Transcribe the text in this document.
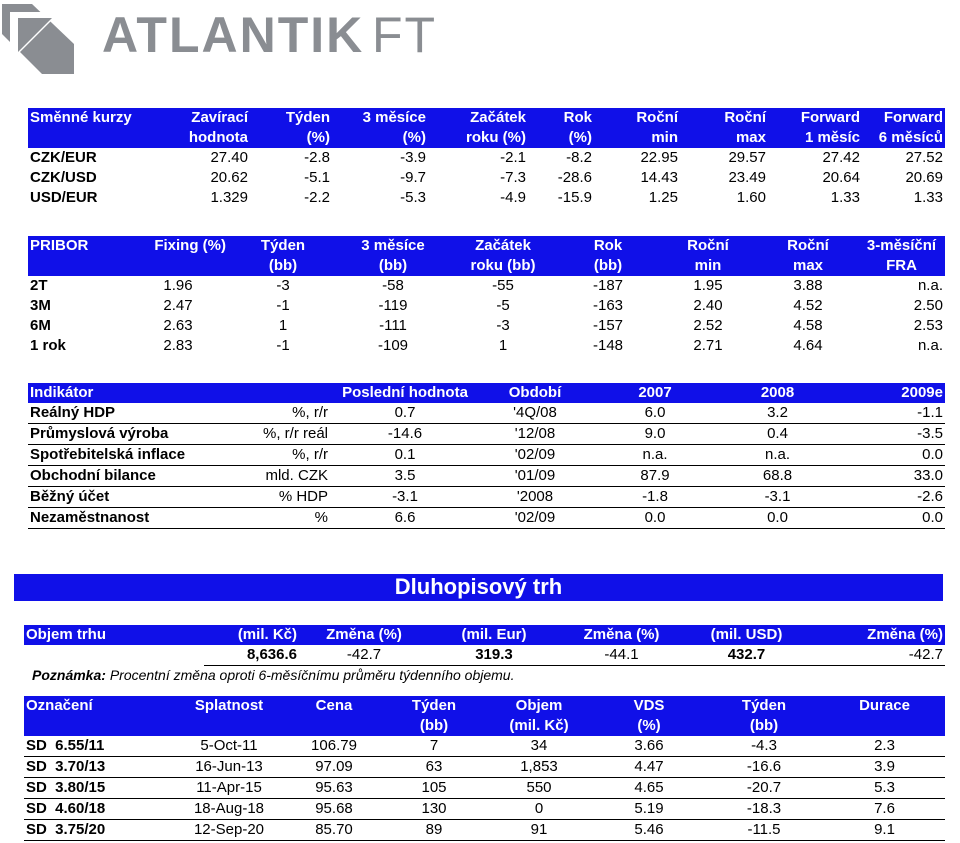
ATLANTIK FT
Směnné kurzy	Zavírací	Týden	3 měsíce	Začátek	Rok	Roční	Roční	Forward	Forward
	hodnota	(%)	(%)	roku (%)	(%)	min	max	1 měsíc	6 měsíců
CZK/EUR	27.40	-2.8	-3.9	-2.1	-8.2	22.95	29.57	27.42	27.52
CZK/USD	20.62	-5.1	-9.7	-7.3	-28.6	14.43	23.49	20.64	20.69
USD/EUR	1.329	-2.2	-5.3	-4.9	-15.9	1.25	1.60	1.33	1.33
PRIBOR	Fixing (%)	Týden	3 měsíce	Začátek	Rok	Roční	Roční	3-měsíční
		(bb)	(bb)	roku (bb)	(bb)	min	max	FRA
2T	1.96	-3	-58	-55	-187	1.95	3.88	n.a.
3M	2.47	-1	-119	-5	-163	2.40	4.52	2.50
6M	2.63	1	-111	-3	-157	2.52	4.58	2.53
1 rok	2.83	-1	-109	1	-148	2.71	4.64	n.a.
Indikátor		Poslední hodnota	Období	2007	2008	2009e
Reálný HDP	%, r/r	0.7	'4Q/08	6.0	3.2	-1.1
Průmyslová výroba	%, r/r reál	-14.6	'12/08	9.0	0.4	-3.5
Spotřebitelská inflace	%, r/r	0.1	'02/09	n.a.	n.a.	0.0
Obchodní bilance	mld. CZK	3.5	'01/09	87.9	68.8	33.0
Běžný účet	% HDP	-3.1	'2008	-1.8	-3.1	-2.6
Nezaměstnanost	%	6.6	'02/09	0.0	0.0	0.0
Dluhopisový trh
Objem trhu	(mil. Kč)	Změna (%)	(mil. Eur)	Změna (%)	(mil. USD)	Změna (%)
	8,636.6	-42.7	319.3	-44.1	432.7	-42.7
Poznámka: Procentní změna oproti 6-měsíčnímu průměru týdenního objemu.
Označení	Splatnost	Cena	Týden	Objem	VDS	Týden	Durace
			(bb)	(mil. Kč)	(%)	(bb)	
SD  6.55/11	5-Oct-11	106.79	7	34	3.66	-4.3	2.3
SD  3.70/13	16-Jun-13	97.09	63	1,853	4.47	-16.6	3.9
SD  3.80/15	11-Apr-15	95.63	105	550	4.65	-20.7	5.3
SD  4.60/18	18-Aug-18	95.68	130	0	5.19	-18.3	7.6
SD  3.75/20	12-Sep-20	85.70	89	91	5.46	-11.5	9.1
